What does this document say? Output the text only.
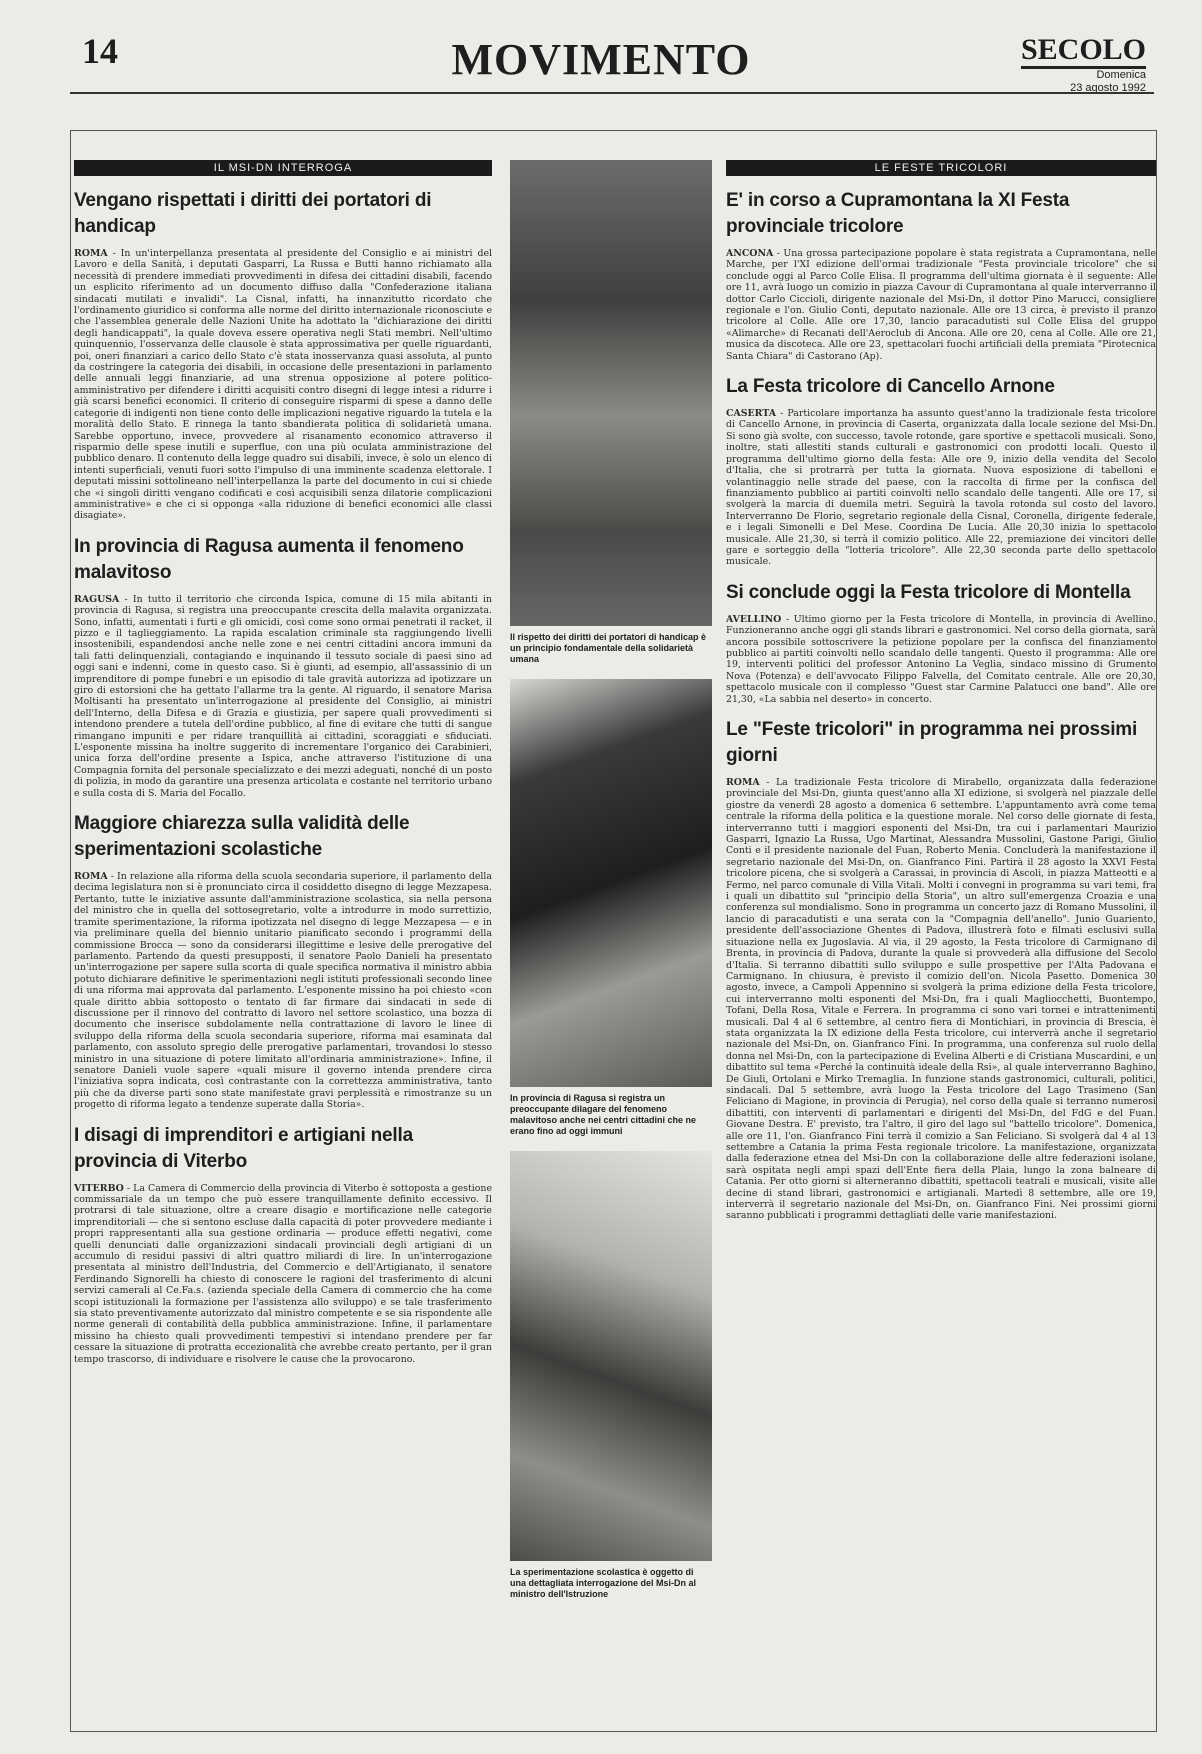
14	MOVIMENTO	SECOLO
Domenica
23 agosto 1992
IL MSI-DN INTERROGA
Vengano rispettati i diritti dei portatori di handicap

ROMA - In un'interpellanza presentata al presidente del Consiglio e ai ministri del Lavoro e della Sanità, i deputati Gasparri, La Russa e Butti hanno richiamato alla necessità di prendere immediati provvedimenti in difesa dei cittadini disabili, facendo un esplicito riferimento ad un documento diffuso dalla "Confederazione italiana sindacati mutilati e invalidi". La Cisnal, infatti, ha innanzitutto ricordato che l'ordinamento giuridico si conforma alle norme del diritto internazionale riconosciute e che l'assemblea generale delle Nazioni Unite ha adottato la "dichiarazione dei diritti degli handicappati", la quale doveva essere operativa negli Stati membri. Nell'ultimo quinquennio, l'osservanza delle clausole è stata approssimativa per quelle riguardanti, poi, oneri finanziari a carico dello Stato c'è stata inosservanza quasi assoluta, al punto da costringere la categoria dei disabili, in occasione delle presentazioni in parlamento delle annuali leggi finanziarie, ad una strenua opposizione al potere politico-amministrativo per difendere i diritti acquisiti contro disegni di legge intesi a ridurre i già scarsi benefici economici. Il criterio di conseguire risparmi di spese a danno delle categorie di indigenti non tiene conto delle implicazioni negative riguardo la tutela e la moralità dello Stato. E rinnega la tanto sbandierata politica di solidarietà umana. Sarebbe opportuno, invece, provvedere al risanamento economico attraverso il risparmio delle spese inutili e superflue, con una più oculata amministrazione del pubblico denaro. Il contenuto della legge quadro sui disabili, invece, è solo un elenco di intenti superficiali, venuti fuori sotto l'impulso di una imminente scadenza elettorale. I deputati missini sottolineano nell'interpellanza la parte del documento in cui si chiede che «i singoli diritti vengano codificati e così acquisibili senza dilatorie complicazioni amministrative» e che ci si opponga «alla riduzione di benefici economici alle classi disagiate».

In provincia di Ragusa aumenta il fenomeno malavitoso

RAGUSA - In tutto il territorio che circonda Ispica, comune di 15 mila abitanti in provincia di Ragusa, si registra una preoccupante crescita della malavita organizzata. Sono, infatti, aumentati i furti e gli omicidi, così come sono ormai penetrati il racket, il pizzo e il taglieggiamento. La rapida escalation criminale sta raggiungendo livelli insostenibili, espandendosi anche nelle zone e nei centri cittadini ancora immuni da tali fatti delinquenziali, contagiando e inquinando il tessuto sociale di paesi sino ad oggi sani e indenni, come in questo caso. Si è giunti, ad esempio, all'assassinio di un imprenditore di pompe funebri e un episodio di tale gravità autorizza ad ipotizzare un giro di estorsioni che ha gettato l'allarme tra la gente. Al riguardo, il senatore Marisa Moltisanti ha presentato un'interrogazione al presidente del Consiglio, ai ministri dell'Interno, della Difesa e di Grazia e giustizia, per sapere quali provvedimenti si intendono prendere a tutela dell'ordine pubblico, al fine di evitare che tutti di sangue rimangano impuniti e per ridare tranquillità ai cittadini, scoraggiati e sfiduciati. L'esponente missina ha inoltre suggerito di incrementare l'organico dei Carabinieri, unica forza dell'ordine presente a Ispica, anche attraverso l'istituzione di una Compagnia fornita del personale specializzato e dei mezzi adeguati, nonché di un posto di polizia, in modo da garantire una presenza articolata e costante nel territorio urbano e sulla costa di S. Maria del Focallo.

Maggiore chiarezza sulla validità delle sperimentazioni scolastiche

ROMA - In relazione alla riforma della scuola secondaria superiore, il parlamento della decima legislatura non si è pronunciato circa il cosiddetto disegno di legge Mezzapesa. Pertanto, tutte le iniziative assunte dall'amministrazione scolastica, sia nella persona del ministro che in quella del sottosegretario, volte a introdurre in modo surrettizio, tramite sperimentazione, la riforma ipotizzata nel disegno di legge Mezzapesa — e in via preliminare quella del biennio unitario pianificato secondo i programmi della commissione Brocca — sono da considerarsi illegittime e lesive delle prerogative del parlamento. Partendo da questi presupposti, il senatore Paolo Danieli ha presentato un'interrogazione per sapere sulla scorta di quale specifica normativa il ministro abbia potuto dichiarare definitive le sperimentazioni negli istituti professionali secondo linee di una riforma mai approvata dal parlamento. L'esponente missino ha poi chiesto «con quale diritto abbia sottoposto o tentato di far firmare dai sindacati in sede di discussione per il rinnovo del contratto di lavoro nel settore scolastico, una bozza di documento che inserisce subdolamente nella contrattazione di lavoro le linee di sviluppo della riforma della scuola secondaria superiore, riforma mai esaminata dal parlamento, con assoluto spregio delle prerogative parlamentari, trovandosi lo stesso ministro in una situazione di potere limitato all'ordinaria amministrazione». Infine, il senatore Danieli vuole sapere «quali misure il governo intenda prendere circa l'iniziativa sopra indicata, così contrastante con la correttezza amministrativa, tanto più che da diverse parti sono state manifestate gravi perplessità e rimostranze su un progetto di riforma legato a tendenze superate dalla Storia».

I disagi di imprenditori e artigiani nella provincia di Viterbo

VITERBO - La Camera di Commercio della provincia di Viterbo è sottoposta a gestione commissariale da un tempo che può essere tranquillamente definito eccessivo. Il protrarsi di tale situazione, oltre a creare disagio e mortificazione nelle categorie imprenditoriali — che si sentono escluse dalla capacità di poter provvedere mediante i propri rappresentanti alla sua gestione ordinaria — produce effetti negativi, come quelli denunciati dalle organizzazioni sindacali provinciali degli artigiani di un accumulo di residui passivi di altri quattro miliardi di lire. In un'interrogazione presentata al ministro dell'Industria, del Commercio e dell'Artigianato, il senatore Ferdinando Signorelli ha chiesto di conoscere le ragioni del trasferimento di alcuni servizi camerali al Ce.Fa.s. (azienda speciale della Camera di commercio che ha come scopi istituzionali la formazione per l'assistenza allo sviluppo) e se tale trasferimento sia stato preventivamente autorizzato dal ministro competente e se sia rispondente alle norme generali di contabilità della pubblica amministrazione. Infine, il parlamentare missino ha chiesto quali provvedimenti tempestivi si intendano prendere per far cessare la situazione di protratta eccezionalità che avrebbe creato pertanto, per il gran tempo trascorso, di individuare e risolvere le cause che la provocarono.

Il rispetto dei diritti dei portatori di handicap è un principio fondamentale della solidarietà umana
In provincia di Ragusa si registra un preoccupante dilagare del fenomeno malavitoso anche nei centri cittadini che ne erano fino ad oggi immuni
La sperimentazione scolastica è oggetto di una dettagliata interrogazione del Msi-Dn al ministro dell'Istruzione
LE FESTE TRICOLORI
E' in corso a Cupramontana la XI Festa provinciale tricolore

ANCONA - Una grossa partecipazione popolare è stata registrata a Cupramontana, nelle Marche, per l'XI edizione dell'ormai tradizionale "Festa provinciale tricolore" che si conclude oggi al Parco Colle Elisa. Il programma dell'ultima giornata è il seguente: Alle ore 11, avrà luogo un comizio in piazza Cavour di Cupramontana al quale interverranno il dottor Carlo Ciccioli, dirigente nazionale del Msi-Dn, il dottor Pino Marucci, consigliere regionale e l'on. Giulio Conti, deputato nazionale. Alle ore 13 circa, è previsto il pranzo tricolore al Colle. Alle ore 17,30, lancio paracadutisti sul Colle Elisa del gruppo «Alimarche» di Recanati dell'Aeroclub di Ancona. Alle ore 20, cena al Colle. Alle ore 21, musica da discoteca. Alle ore 23, spettacolari fuochi artificiali della premiata "Pirotecnica Santa Chiara" di Castorano (Ap).

La Festa tricolore di Cancello Arnone

CASERTA - Particolare importanza ha assunto quest'anno la tradizionale festa tricolore di Cancello Arnone, in provincia di Caserta, organizzata dalla locale sezione del Msi-Dn. Si sono già svolte, con successo, tavole rotonde, gare sportive e spettacoli musicali. Sono, inoltre, stati allestiti stands culturali e gastronomici con prodotti locali. Questo il programma dell'ultimo giorno della festa: Alle ore 9, inizio della vendita del Secolo d'Italia, che si protrarrà per tutta la giornata. Nuova esposizione di tabelloni e volantinaggio nelle strade del paese, con la raccolta di firme per la confisca del finanziamento pubblico ai partiti coinvolti nello scandalo delle tangenti. Alle ore 17, si svolgerà la marcia di duemila metri. Seguirà la tavola rotonda sul costo del lavoro. Interverranno De Florio, segretario regionale della Cisnal, Coronella, dirigente federale, e i legali Simonelli e Del Mese. Coordina De Lucia. Alle 20,30 inizia lo spettacolo musicale. Alle 21,30, si terrà il comizio politico. Alle 22, premiazione dei vincitori delle gare e sorteggio della "lotteria tricolore". Alle 22,30 seconda parte dello spettacolo musicale.

Si conclude oggi la Festa tricolore di Montella

AVELLINO - Ultimo giorno per la Festa tricolore di Montella, in provincia di Avellino. Funzioneranno anche oggi gli stands librari e gastronomici. Nel corso della giornata, sarà ancora possibile sottoscrivere la petizione popolare per la confisca del finanziamento pubblico ai partiti coinvolti nello scandalo delle tangenti. Questo il programma: Alle ore 19, interventi politici del professor Antonino La Veglia, sindaco missino di Grumento Nova (Potenza) e dell'avvocato Filippo Falvella, del Comitato centrale. Alle ore 20,30, spettacolo musicale con il complesso "Guest star Carmine Palatucci one band". Alle ore 21,30, «La sabbia nel deserto» in concerto.

Le "Feste tricolori" in programma nei prossimi giorni

ROMA - La tradizionale Festa tricolore di Mirabello, organizzata dalla federazione provinciale del Msi-Dn, giunta quest'anno alla XI edizione, si svolgerà nel piazzale delle giostre da venerdì 28 agosto a domenica 6 settembre. L'appuntamento avrà come tema centrale la riforma della politica e la questione morale. Nel corso delle giornate di festa, interverranno tutti i maggiori esponenti del Msi-Dn, tra cui i parlamentari Maurizio Gasparri, Ignazio La Russa, Ugo Martinat, Alessandra Mussolini, Gastone Parigi, Giulio Conti e il presidente nazionale del Fuan, Roberto Menia. Concluderà la manifestazione il segretario nazionale del Msi-Dn, on. Gianfranco Fini. Partirà il 28 agosto la XXVI Festa tricolore picena, che si svolgerà a Carassai, in provincia di Ascoli, in piazza Matteotti e a Fermo, nel parco comunale di Villa Vitali. Molti i convegni in programma su vari temi, fra i quali un dibattito sul "principio della Storia", un altro sull'emergenza Croazia e una conferenza sul mondialismo. Sono in programma un concerto jazz di Romano Mussolini, il lancio di paracadutisti e una serata con la "Compagnia dell'anello". Junio Guariento, presidente dell'associazione Ghentes di Padova, illustrerà foto e filmati esclusivi sulla situazione nella ex Jugoslavia. Al via, il 29 agosto, la Festa tricolore di Carmignano di Brenta, in provincia di Padova, durante la quale si provvederà alla diffusione del Secolo d'Italia. Si terranno dibattiti sullo sviluppo e sulle prospettive per l'Alta Padovana e Carmignano. In chiusura, è previsto il comizio dell'on. Nicola Pasetto. Domenica 30 agosto, invece, a Campoli Appennino si svolgerà la prima edizione della Festa tricolore, cui interverranno molti esponenti del Msi-Dn, fra i quali Magliocchetti, Buontempo, Tofani, Della Rosa, Vitale e Ferrera. In programma ci sono vari tornei e intrattenimenti musicali. Dal 4 al 6 settembre, al centro fiera di Montichiari, in provincia di Brescia, è stata organizzata la IX edizione della Festa tricolore, cui interverrà anche il segretario nazionale del Msi-Dn, on. Gianfranco Fini. In programma, una conferenza sul ruolo della donna nel Msi-Dn, con la partecipazione di Evelina Alberti e di Cristiana Muscardini, e un dibattito sul tema «Perché la continuità ideale della Rsi», al quale interverranno Baghino, De Giuli, Ortolani e Mirko Tremaglia. In funzione stands gastronomici, culturali, politici, sindacali. Dal 5 settembre, avrà luogo la Festa tricolore del Lago Trasimeno (San Feliciano di Magione, in provincia di Perugia), nel corso della quale si terranno numerosi dibattiti, con interventi di parlamentari e dirigenti del Msi-Dn, del FdG e del Fuan. Giovane Destra. E' previsto, tra l'altro, il giro del lago sul "battello tricolore". Domenica, alle ore 11, l'on. Gianfranco Fini terrà il comizio a San Feliciano. Si svolgerà dal 4 al 13 settembre a Catania la prima Festa regionale tricolore. La manifestazione, organizzata dalla federazione etnea del Msi-Dn con la collaborazione delle altre federazioni isolane, sarà ospitata negli ampi spazi dell'Ente fiera della Plaia, lungo la zona balneare di Catania. Per otto giorni si alterneranno dibattiti, spettacoli teatrali e musicali, visite alle decine di stand librari, gastronomici e artigianali. Martedì 8 settembre, alle ore 19, interverrà il segretario nazionale del Msi-Dn, on. Gianfranco Fini. Nei prossimi giorni saranno pubblicati i programmi dettagliati delle varie manifestazioni.
